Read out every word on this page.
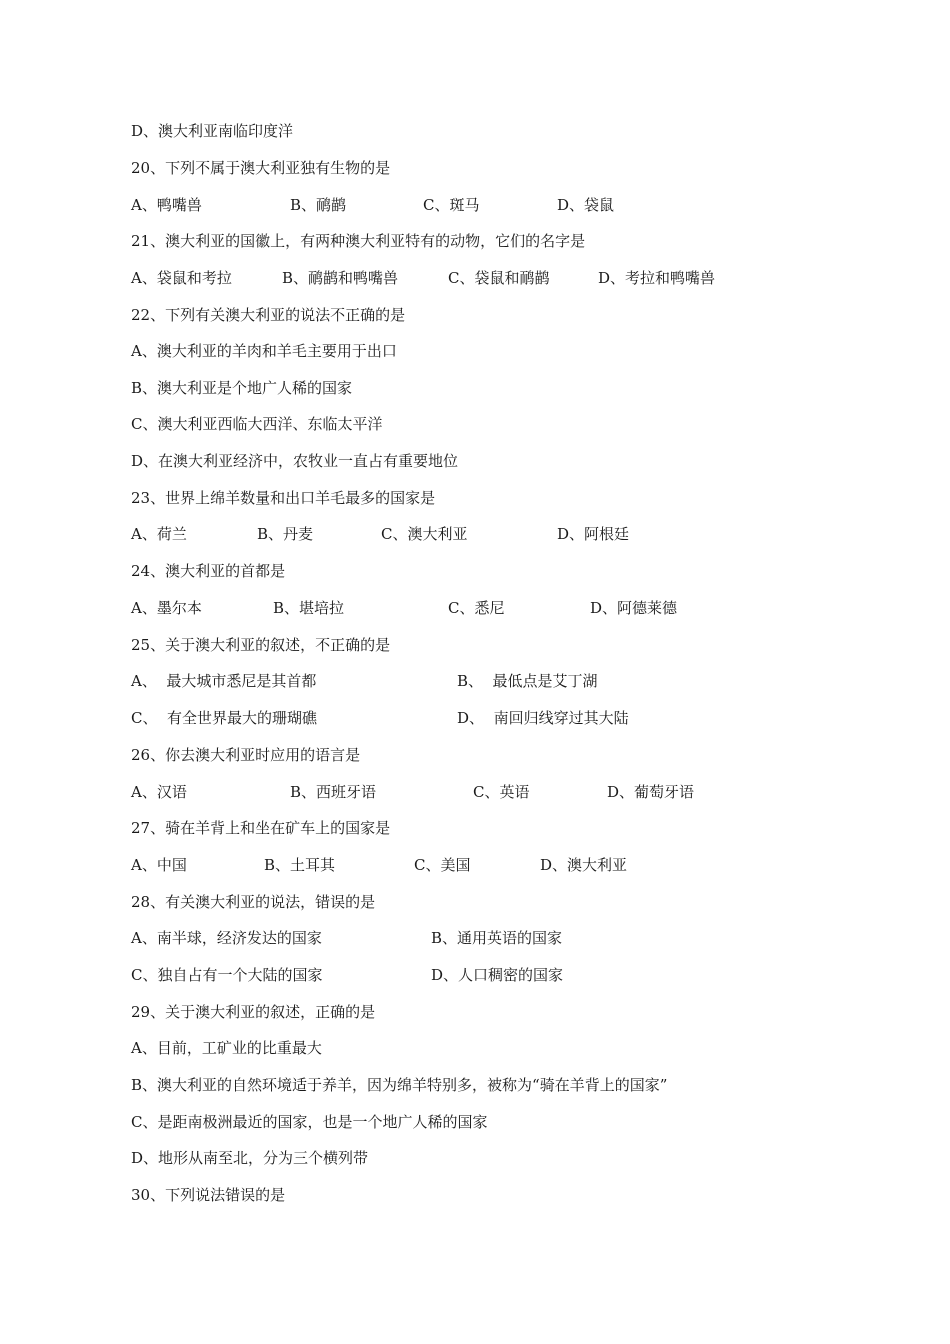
D、澳大利亚南临印度洋

20、下列不属于澳大利亚独有生物的是

A、鸭嘴兽	B、鸸鹋	C、斑马	D、袋鼠

21、澳大利亚的国徽上，有两种澳大利亚特有的动物，它们的名字是

A、袋鼠和考拉	B、鸸鹋和鸭嘴兽	C、袋鼠和鸸鹋	D、考拉和鸭嘴兽

22、下列有关澳大利亚的说法不正确的是

A、澳大利亚的羊肉和羊毛主要用于出口

B、澳大利亚是个地广人稀的国家

C、澳大利亚西临大西洋、东临太平洋

D、在澳大利亚经济中，农牧业一直占有重要地位

23、世界上绵羊数量和出口羊毛最多的国家是

A、荷兰	B、丹麦	C、澳大利亚	D、阿根廷

24、澳大利亚的首都是

A、墨尔本	B、堪培拉	C、悉尼	D、阿德莱德

25、关于澳大利亚的叙述，不正确的是

A、  最大城市悉尼是其首都	B、  最低点是艾丁湖

C、  有全世界最大的珊瑚礁	D、  南回归线穿过其大陆

26、你去澳大利亚时应用的语言是

A、汉语	B、西班牙语	C、英语	D、葡萄牙语

27、骑在羊背上和坐在矿车上的国家是

A、中国	B、土耳其	C、美国	D、澳大利亚

28、有关澳大利亚的说法，错误的是

A、南半球，经济发达的国家	B、通用英语的国家

C、独自占有一个大陆的国家	D、人口稠密的国家

29、关于澳大利亚的叙述，正确的是

A、目前，工矿业的比重最大

B、澳大利亚的自然环境适于养羊，因为绵羊特别多，被称为“骑在羊背上的国家”

C、是距南极洲最近的国家，也是一个地广人稀的国家

D、地形从南至北，分为三个横列带

30、下列说法错误的是
